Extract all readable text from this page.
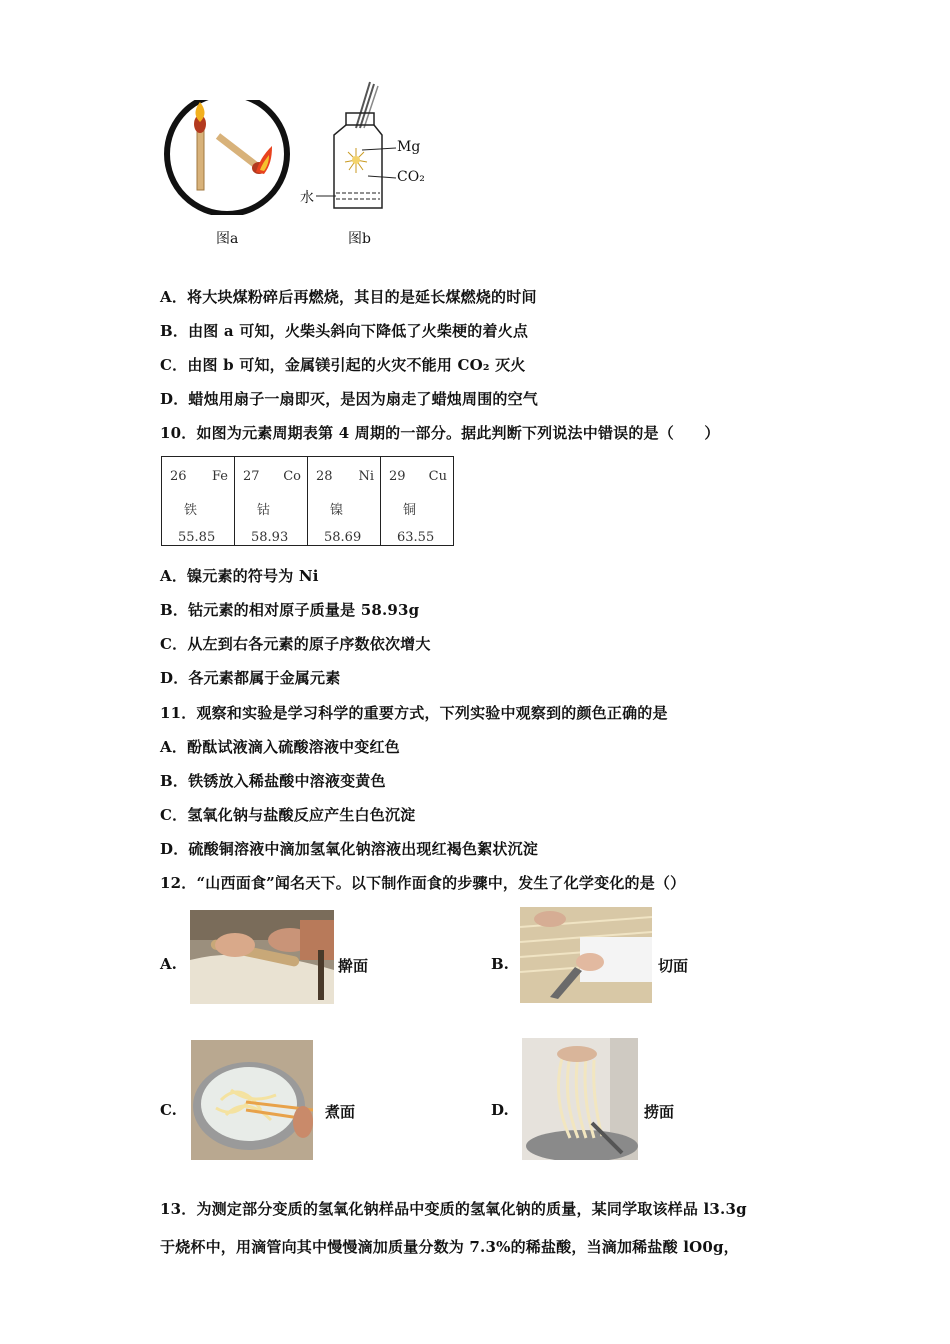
图a
Mg
CO₂
水
图b
A．将大块煤粉碎后再燃烧，其目的是延长煤燃烧的时间
B．由图 a 可知，火柴头斜向下降低了火柴梗的着火点
C．由图 b 可知，金属镁引起的火灾不能用 CO₂ 灭火
D．蜡烛用扇子一扇即灭，是因为扇走了蜡烛周围的空气
10．如图为元素周期表第 4 周期的一部分。据此判断下列说法中错误的是（　　）
26 Fe
铁
55.85

27 Co
钴
58.93

28 Ni
镍
58.69

29 Cu
铜
63.55
A．镍元素的符号为 Ni
B．钴元素的相对原子质量是 58.93g
C．从左到右各元素的原子序数依次增大
D．各元素都属于金属元素
11．观察和实验是学习科学的重要方式，下列实验中观察到的颜色正确的是
A．酚酞试液滴入硫酸溶液中变红色
B．铁锈放入稀盐酸中溶液变黄色
C．氢氧化钠与盐酸反应产生白色沉淀
D．硫酸铜溶液中滴加氢氧化钠溶液出现红褐色絮状沉淀
12．“山西面食”闻名天下。以下制作面食的步骤中，发生了化学变化的是（）
A.	擀面	B.	切面
C.	煮面	D.	捞面
13．为测定部分变质的氢氧化钠样品中变质的氢氧化钠的质量，某同学取该样品 l3.3g
于烧杯中，用滴管向其中慢慢滴加质量分数为 7.3%的稀盐酸，当滴加稀盐酸 lO0g，
